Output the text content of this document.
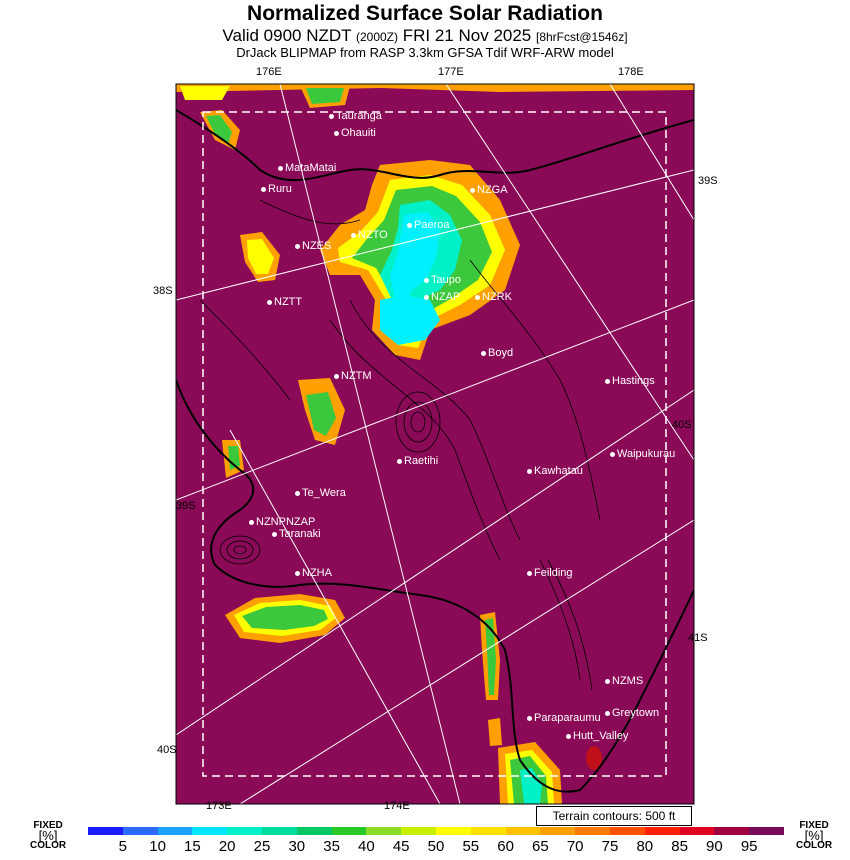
Normalized Surface Solar Radiation
Valid 0900 NZDT (2000Z) FRI 21 Nov 2025 [8hrFcst@1546z]
DrJack BLIPMAP from RASP 3.3km GFSA Tdif WRF-ARW model
176E	177E	178E
39S
38S
40S
39S
41S
40S
173E	174E
Tauranga
Ohauiti
MataMatai
Ruru	NZGA
Paeroa
NZES
NZTO
Taupo
NZAP NZRK
NZTT
Boyd
NZTM	Hastings
Waipukurau
Raetihi
Kawhatau
Te_Wera
NZNPNZAP
Taranaki
NZHA	Feilding
NZMS
Greytown
Paraparaumu
Hutt_Valley
Terrain contours: 500 ft
FIXED
[%]
COLOR
FIXED
[%]
COLOR
5 10 15 20 25 30 35 40 45 50 55 60 65 70 75 80 85 90 95
